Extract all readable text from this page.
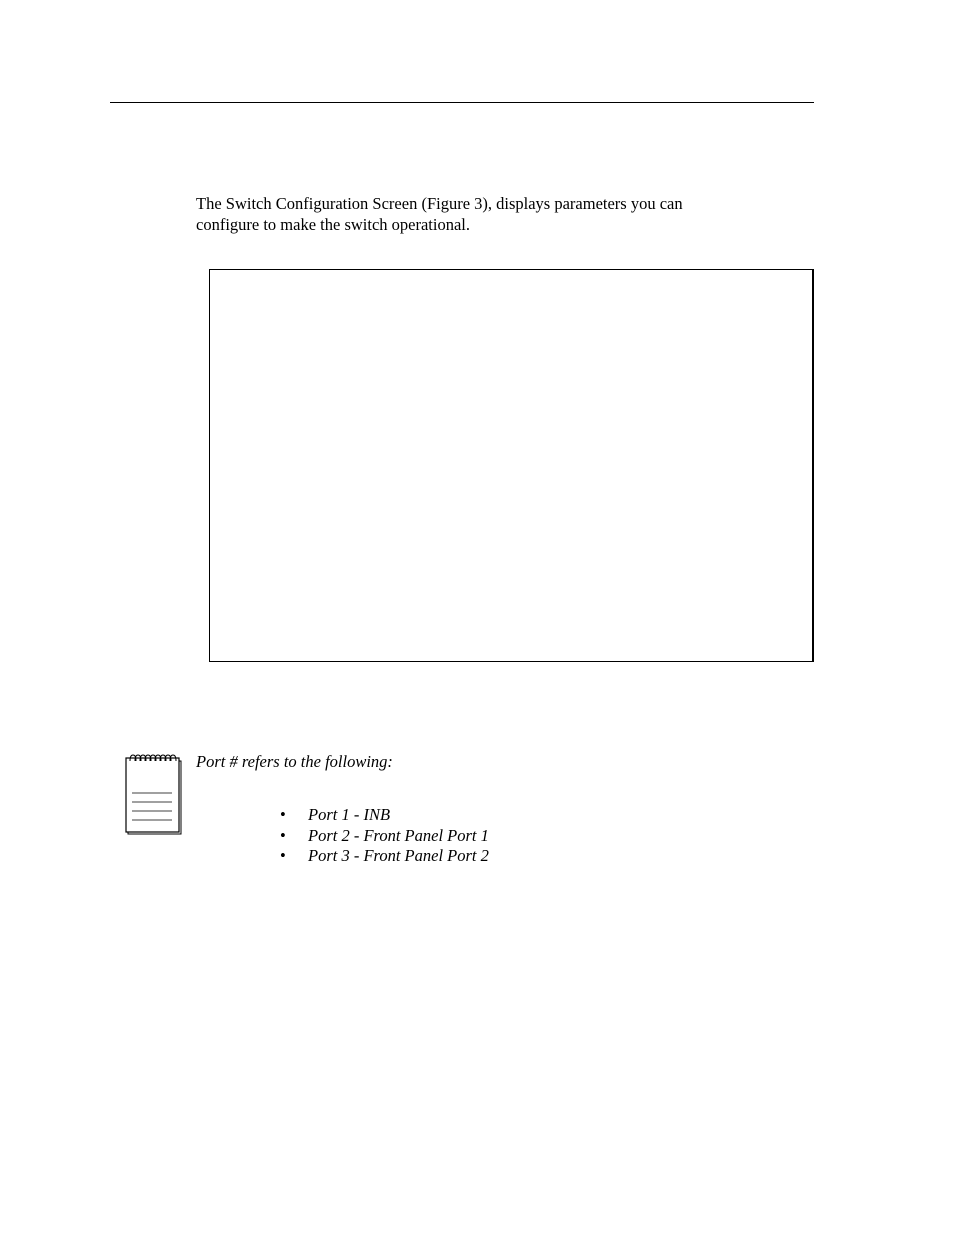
The Switch Configuration Screen (Figure 3), displays parameters you can
configure to make the switch operational.

Port # refers to the following:

• Port 1 - INB
• Port 2 - Front Panel Port 1
• Port 3 - Front Panel Port 2
